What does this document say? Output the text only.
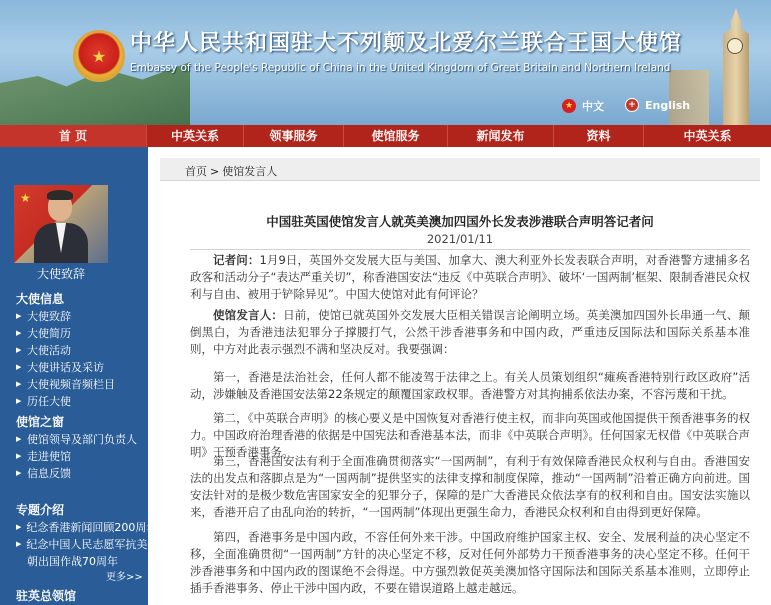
★	中华人民共和国驻大不列颠及北爱尔兰联合王国大使馆
Embassy of the People's Republic of China in the United Kingdom of Great Britain and Northern Ireland
★ 中文	+ English
首 页	中英关系	领事服务	使馆服务	新闻发布	资料	中英关系
★
大使致辞
大使信息
▶ 大使致辞
▶ 大使简历
▶ 大使活动
▶ 大使讲话及采访
▶ 大使视频音频栏目
▶ 历任大使
使馆之窗
▶ 使馆领导及部门负责人
▶ 走进使馆
▶ 信息反馈
专题介绍
▶ 纪念香港新闻回顾200周年
▶ 纪念中国人民志愿军抗美援
朝出国作战70周年
更多>>
驻英总领馆
首页 > 使馆发言人
中国驻英国使馆发言人就英美澳加四国外长发表涉港联合声明答记者问
2021/01/11

记者问：1月9日，英国外交发展大臣与美国、加拿大、澳大利亚外长发表联合声明，对香港警方逮捕多名政客和活动分子“表达严重关切”，称香港国安法“违反《中英联合声明》、破坏‘一国两制’框架、限制香港民众权利与自由、被用于铲除异见”。中国大使馆对此有何评论？

使馆发言人：日前，使馆已就英国外交发展大臣相关错误言论阐明立场。英美澳加四国外长串通一气、颠倒黑白，为香港违法犯罪分子撑腰打气，公然干涉香港事务和中国内政，严重违反国际法和国际关系基本准则，中方对此表示强烈不满和坚决反对。我要强调：

第一，香港是法治社会，任何人都不能凌驾于法律之上。有关人员策划组织“瘫痪香港特别行政区政府”活动，涉嫌触及香港国安法第22条规定的颠覆国家政权罪。香港警方对其拘捕系依法办案，不容污蔑和干扰。

第二，《中英联合声明》的核心要义是中国恢复对香港行使主权，而非向英国或他国提供干预香港事务的权力。中国政府治理香港的依据是中国宪法和香港基本法，而非《中英联合声明》。任何国家无权借《中英联合声明》干预香港事务。

第三，香港国安法有利于全面准确贯彻落实“一国两制”，有利于有效保障香港民众权利与自由。香港国安法的出发点和落脚点是为“一国两制”提供坚实的法律支撑和制度保障，推动“一国两制”沿着正确方向前进。国安法针对的是极少数危害国家安全的犯罪分子，保障的是广大香港民众依法享有的权利和自由。国安法实施以来，香港开启了由乱向治的转折，“一国两制”体现出更强生命力，香港民众权利和自由得到更好保障。

第四，香港事务是中国内政，不容任何外来干涉。中国政府维护国家主权、安全、发展利益的决心坚定不移，全面准确贯彻“一国两制”方针的决心坚定不移，反对任何外部势力干预香港事务的决心坚定不移。任何干涉香港事务和中国内政的图谋绝不会得逞。中方强烈敦促英美澳加恪守国际法和国际关系基本准则，立即停止插手香港事务、停止干涉中国内政，不要在错误道路上越走越远。
